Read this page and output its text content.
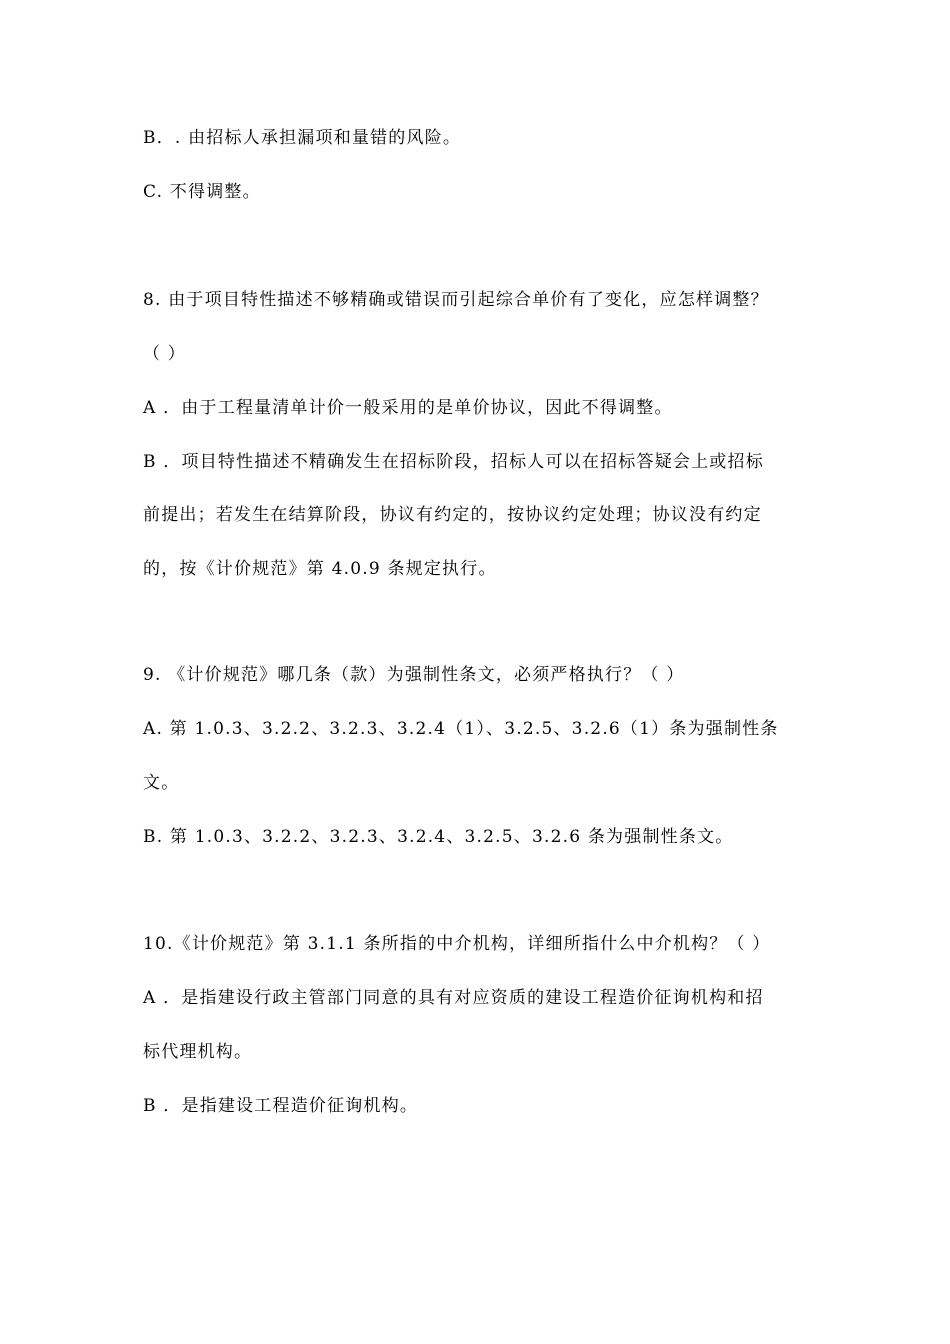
B．. 由招标人承担漏项和量错的风险。
C. 不得调整。
8. 由于项目特性描述不够精确或错误而引起综合单价有了变化，应怎样调整？
（ ）
A ．由于工程量清单计价一般采用的是单价协议，因此不得调整。
B ．项目特性描述不精确发生在招标阶段，招标人可以在招标答疑会上或招标
前提出；若发生在结算阶段，协议有约定的，按协议约定处理；协议没有约定
的，按《计价规范》第 4.0.9 条规定执行。
9. 《计价规范》哪几条（款）为强制性条文，必须严格执行？（ ）
A. 第 1.0.3、3.2.2、3.2.3、3.2.4（1）、3.2.5、3.2.6（1）条为强制性条
文。
B. 第 1.0.3、3.2.2、3.2.3、3.2.4、3.2.5、3.2.6 条为强制性条文。
10.《计价规范》第 3.1.1 条所指的中介机构，详细所指什么中介机构？（ ）
A ．是指建设行政主管部门同意的具有对应资质的建设工程造价征询机构和招
标代理机构。
B ．是指建设工程造价征询机构。
